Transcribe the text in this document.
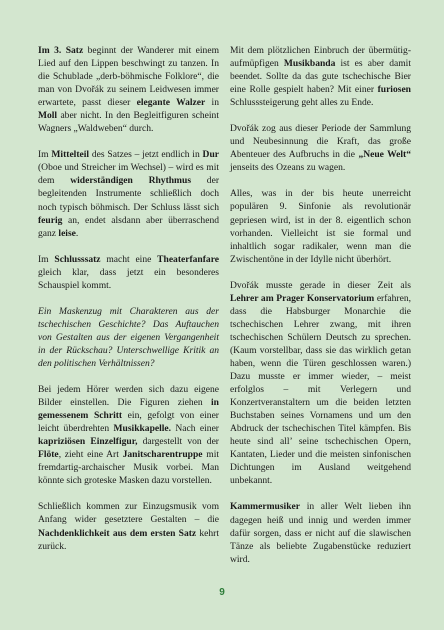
Im 3. Satz beginnt der Wanderer mit einem Lied auf den Lippen beschwingt zu tanzen. In die Schublade „derb-böhmische Folklore“, die man von Dvořák zu seinem Leidwesen immer erwartete, passt dieser elegante Walzer in Moll aber nicht. In den Begleitfiguren scheint Wagners „Waldweben“ durch.

Im Mittelteil des Satzes – jetzt endlich in Dur (Oboe und Streicher im Wechsel) – wird es mit dem widerständigen Rhythmus der begleitenden Instrumente schließlich doch noch typisch böhmisch. Der Schluss lässt sich feurig an, endet alsdann aber überraschend ganz leise.

Im Schlusssatz macht eine Theaterfanfare gleich klar, dass jetzt ein besonderes Schauspiel kommt.

Ein Maskenzug mit Charakteren aus der tschechischen Geschichte? Das Auftauchen von Gestalten aus der eigenen Vergangenheit in der Rückschau? Unterschwellige Kritik an den politischen Verhältnissen?

Bei jedem Hörer werden sich dazu eigene Bilder einstellen. Die Figuren ziehen in gemessenem Schritt ein, gefolgt von einer leicht überdrehten Musikkapelle. Nach einer kapriziösen Einzelfigur, dargestellt von der Flöte, zieht eine Art Janitscharentruppe mit fremdartig-archaischer Musik vorbei. Man könnte sich groteske Masken dazu vorstellen.

Schließlich kommen zur Einzugsmusik vom Anfang wider gesetztere Gestalten – die Nachdenklichkeit aus dem ersten Satz kehrt zurück.

Mit dem plötzlichen Einbruch der übermütig-aufmüpfigen Musikbanda ist es aber damit beendet. Sollte da das gute tschechische Bier eine Rolle gespielt haben? Mit einer furiosen Schlusssteigerung geht alles zu Ende.

Dvořák zog aus dieser Periode der Sammlung und Neubesinnung die Kraft, das große Abenteuer des Aufbruchs in die „Neue Welt“ jenseits des Ozeans zu wagen.

Alles, was in der bis heute unerreicht populären 9. Sinfonie als revolutionär gepriesen wird, ist in der 8. eigentlich schon vorhanden. Vielleicht ist sie formal und inhaltlich sogar radikaler, wenn man die Zwischentöne in der Idylle nicht überhört.

Dvořák musste gerade in dieser Zeit als Lehrer am Prager Konservatorium erfahren, dass die Habsburger Monarchie die tschechischen Lehrer zwang, mit ihren tschechischen Schülern Deutsch zu sprechen. (Kaum vorstellbar, dass sie das wirklich getan haben, wenn die Türen geschlossen waren.) Dazu musste er immer wieder, – meist erfolglos – mit Verlegern und Konzertveranstaltern um die beiden letzten Buchstaben seines Vornamens und um den Abdruck der tschechischen Titel kämpfen. Bis heute sind all’ seine tschechischen Opern, Kantaten, Lieder und die meisten sinfonischen Dichtungen im Ausland weitgehend unbekannt.

Kammermusiker in aller Welt lieben ihn dagegen heiß und innig und werden immer dafür sorgen, dass er nicht auf die slawischen Tänze als beliebte Zugabenstücke reduziert wird.

9
